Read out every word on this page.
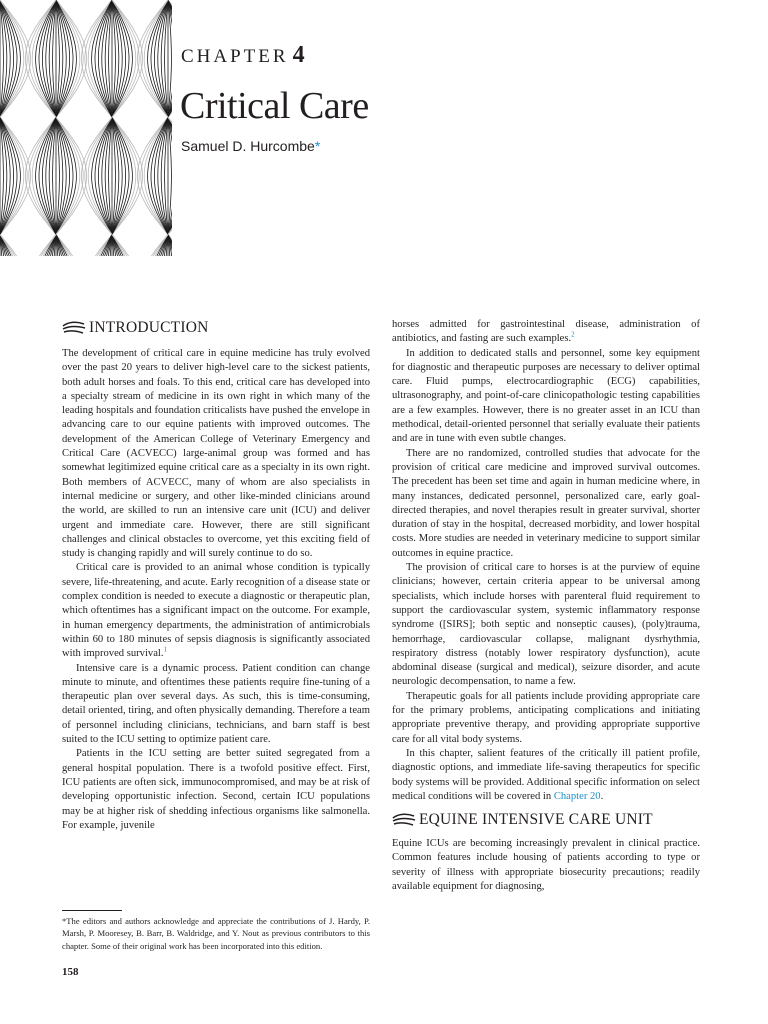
CHAPTER 4
Critical Care
Samuel D. Hurcombe*
INTRODUCTION

The development of critical care in equine medicine has truly evolved over the past 20 years to deliver high-level care to the sickest patients, both adult horses and foals. To this end, critical care has developed into a specialty stream of medicine in its own right in which many of the leading hospitals and foundation criticalists have pushed the envelope in advancing care to our equine patients with improved outcomes. The development of the American College of Veterinary Emergency and Critical Care (ACVECC) large-animal group was formed and has somewhat legitimized equine critical care as a specialty in its own right. Both members of ACVECC, many of whom are also specialists in internal medicine or surgery, and other like-minded clinicians around the world, are skilled to run an intensive care unit (ICU) and deliver urgent and immediate care. However, there are still significant challenges and clinical obstacles to overcome, yet this exciting field of study is changing rapidly and will surely continue to do so.

Critical care is provided to an animal whose condition is typically severe, life-threatening, and acute. Early recognition of a disease state or complex condition is needed to execute a diagnostic or therapeutic plan, which oftentimes has a significant impact on the outcome. For example, in human emergency departments, the administration of antimicrobials within 60 to 180 minutes of sepsis diagnosis is significantly associated with improved survival.$^1$

Intensive care is a dynamic process. Patient condition can change minute to minute, and oftentimes these patients require fine-tuning of a therapeutic plan over several days. As such, this is time-consuming, detail oriented, tiring, and often physically demanding. Therefore a team of personnel including clinicians, technicians, and barn staff is best suited to the ICU setting to optimize patient care.

Patients in the ICU setting are better suited segregated from a general hospital population. There is a twofold positive effect. First, ICU patients are often sick, immunocompromised, and may be at risk of developing opportunistic infection. Second, certain ICU populations may be at higher risk of shedding infectious organisms like salmonella. For example, juvenile

horses admitted for gastrointestinal disease, administration of antibiotics, and fasting are such examples.$^2$

In addition to dedicated stalls and personnel, some key equipment for diagnostic and therapeutic purposes are necessary to deliver optimal care. Fluid pumps, electrocardiographic (ECG) capabilities, ultrasonography, and point-of-care clinicopathologic testing capabilities are a few examples. However, there is no greater asset in an ICU than methodical, detail-oriented personnel that serially evaluate their patients and are in tune with even subtle changes.

There are no randomized, controlled studies that advocate for the provision of critical care medicine and improved survival outcomes. The precedent has been set time and again in human medicine where, in many instances, dedicated personnel, personalized care, early goal-directed therapies, and novel therapies result in greater survival, shorter duration of stay in the hospital, decreased morbidity, and lower hospital costs. More studies are needed in veterinary medicine to support similar outcomes in equine practice.

The provision of critical care to horses is at the purview of equine clinicians; however, certain criteria appear to be universal among specialists, which include horses with parenteral fluid requirement to support the cardiovascular system, systemic inflammatory response syndrome ([SIRS]; both septic and nonseptic causes), (poly)trauma, hemorrhage, cardiovascular collapse, malignant dysrhythmia, respiratory distress (notably lower respiratory dysfunction), acute abdominal disease (surgical and medical), seizure disorder, and acute neurologic decompensation, to name a few.

Therapeutic goals for all patients include providing appropriate care for the primary problems, anticipating complications and initiating appropriate preventive therapy, and providing appropriate supportive care for all vital body systems.

In this chapter, salient features of the critically ill patient profile, diagnostic options, and immediate life-saving therapeutics for specific body systems will be provided. Additional specific information on select medical conditions will be covered in Chapter 20.

EQUINE INTENSIVE CARE UNIT

Equine ICUs are becoming increasingly prevalent in clinical practice. Common features include housing of patients according to type or severity of illness with appropriate biosecurity precautions; readily available equipment for diagnosing,

*The editors and authors acknowledge and appreciate the contributions of J. Hardy, P. Marsh, P. Mooresey, B. Barr, B. Waldridge, and Y. Nout as previous contributors to this chapter. Some of their original work has been incorporated into this edition.
158
